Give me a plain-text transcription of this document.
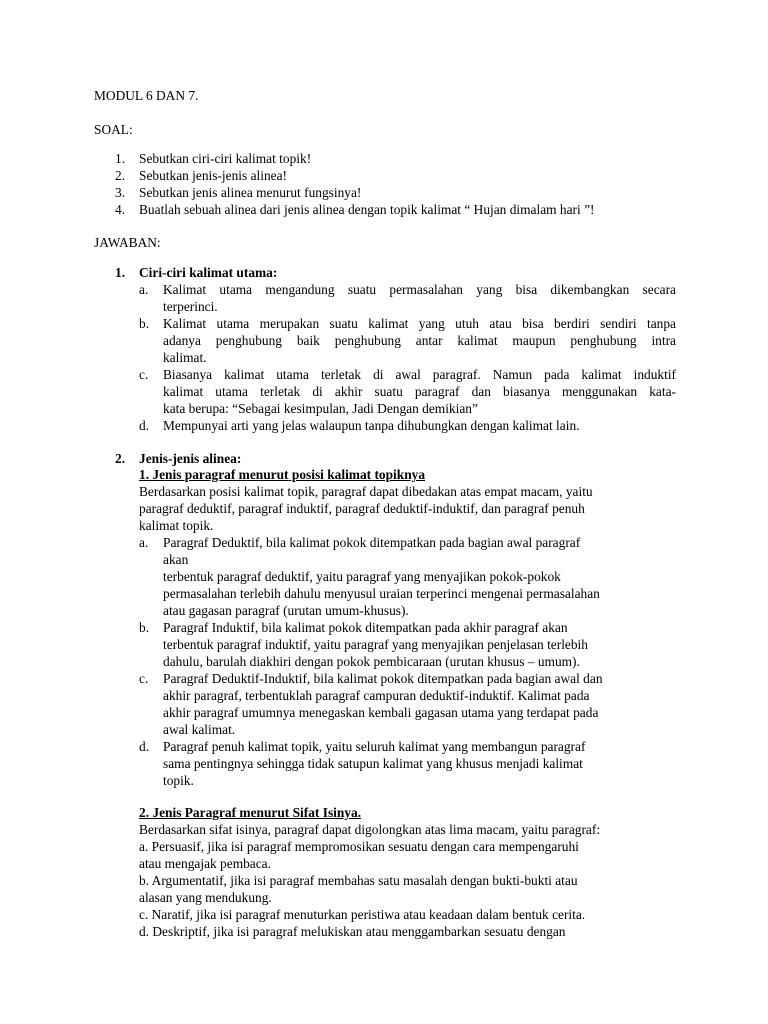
MODUL 6 DAN 7.
SOAL:
1. Sebutkan ciri-ciri kalimat topik!
2. Sebutkan jenis-jenis alinea!
3. Sebutkan jenis alinea menurut fungsinya!
4. Buatlah sebuah alinea dari jenis alinea dengan topik kalimat “ Hujan dimalam hari ”!
JAWABAN:
1. Ciri-ciri kalimat utama:
a. Kalimat utama mengandung suatu permasalahan yang bisa dikembangkan secara
terperinci.
b. Kalimat utama merupakan suatu kalimat yang utuh atau bisa berdiri sendiri tanpa
adanya penghubung baik penghubung antar kalimat maupun penghubung intra
kalimat.
c. Biasanya kalimat utama terletak di awal paragraf. Namun pada kalimat induktif
kalimat utama terletak di akhir suatu paragraf dan biasanya menggunakan kata-
kata berupa: “Sebagai kesimpulan, Jadi Dengan demikian”
d. Mempunyai arti yang jelas walaupun tanpa dihubungkan dengan kalimat lain.
2. Jenis-jenis alinea:
1. Jenis paragraf menurut posisi kalimat topiknya
Berdasarkan posisi kalimat topik, paragraf dapat dibedakan atas empat macam, yaitu
paragraf deduktif, paragraf induktif, paragraf deduktif-induktif, dan paragraf penuh
kalimat topik.
a. Paragraf Deduktif, bila kalimat pokok ditempatkan pada bagian awal paragraf
akan
terbentuk paragraf deduktif, yaitu paragraf yang menyajikan pokok-pokok
permasalahan terlebih dahulu menyusul uraian terperinci mengenai permasalahan
atau gagasan paragraf (urutan umum-khusus).
b. Paragraf Induktif, bila kalimat pokok ditempatkan pada akhir paragraf akan
terbentuk paragraf induktif, yaitu paragraf yang menyajikan penjelasan terlebih
dahulu, barulah diakhiri dengan pokok pembicaraan (urutan khusus – umum).
c. Paragraf Deduktif-Induktif, bila kalimat pokok ditempatkan pada bagian awal dan
akhir paragraf, terbentuklah paragraf campuran deduktif-induktif. Kalimat pada
akhir paragraf umumnya menegaskan kembali gagasan utama yang terdapat pada
awal kalimat.
d. Paragraf penuh kalimat topik, yaitu seluruh kalimat yang membangun paragraf
sama pentingnya sehingga tidak satupun kalimat yang khusus menjadi kalimat
topik.
2. Jenis Paragraf menurut Sifat Isinya.
Berdasarkan sifat isinya, paragraf dapat digolongkan atas lima macam, yaitu paragraf:
a. Persuasif, jika isi paragraf mempromosikan sesuatu dengan cara mempengaruhi
atau mengajak pembaca.
b. Argumentatif, jika isi paragraf membahas satu masalah dengan bukti-bukti atau
alasan yang mendukung.
c. Naratif, jika isi paragraf menuturkan peristiwa atau keadaan dalam bentuk cerita.
d. Deskriptif, jika isi paragraf melukiskan atau menggambarkan sesuatu dengan
